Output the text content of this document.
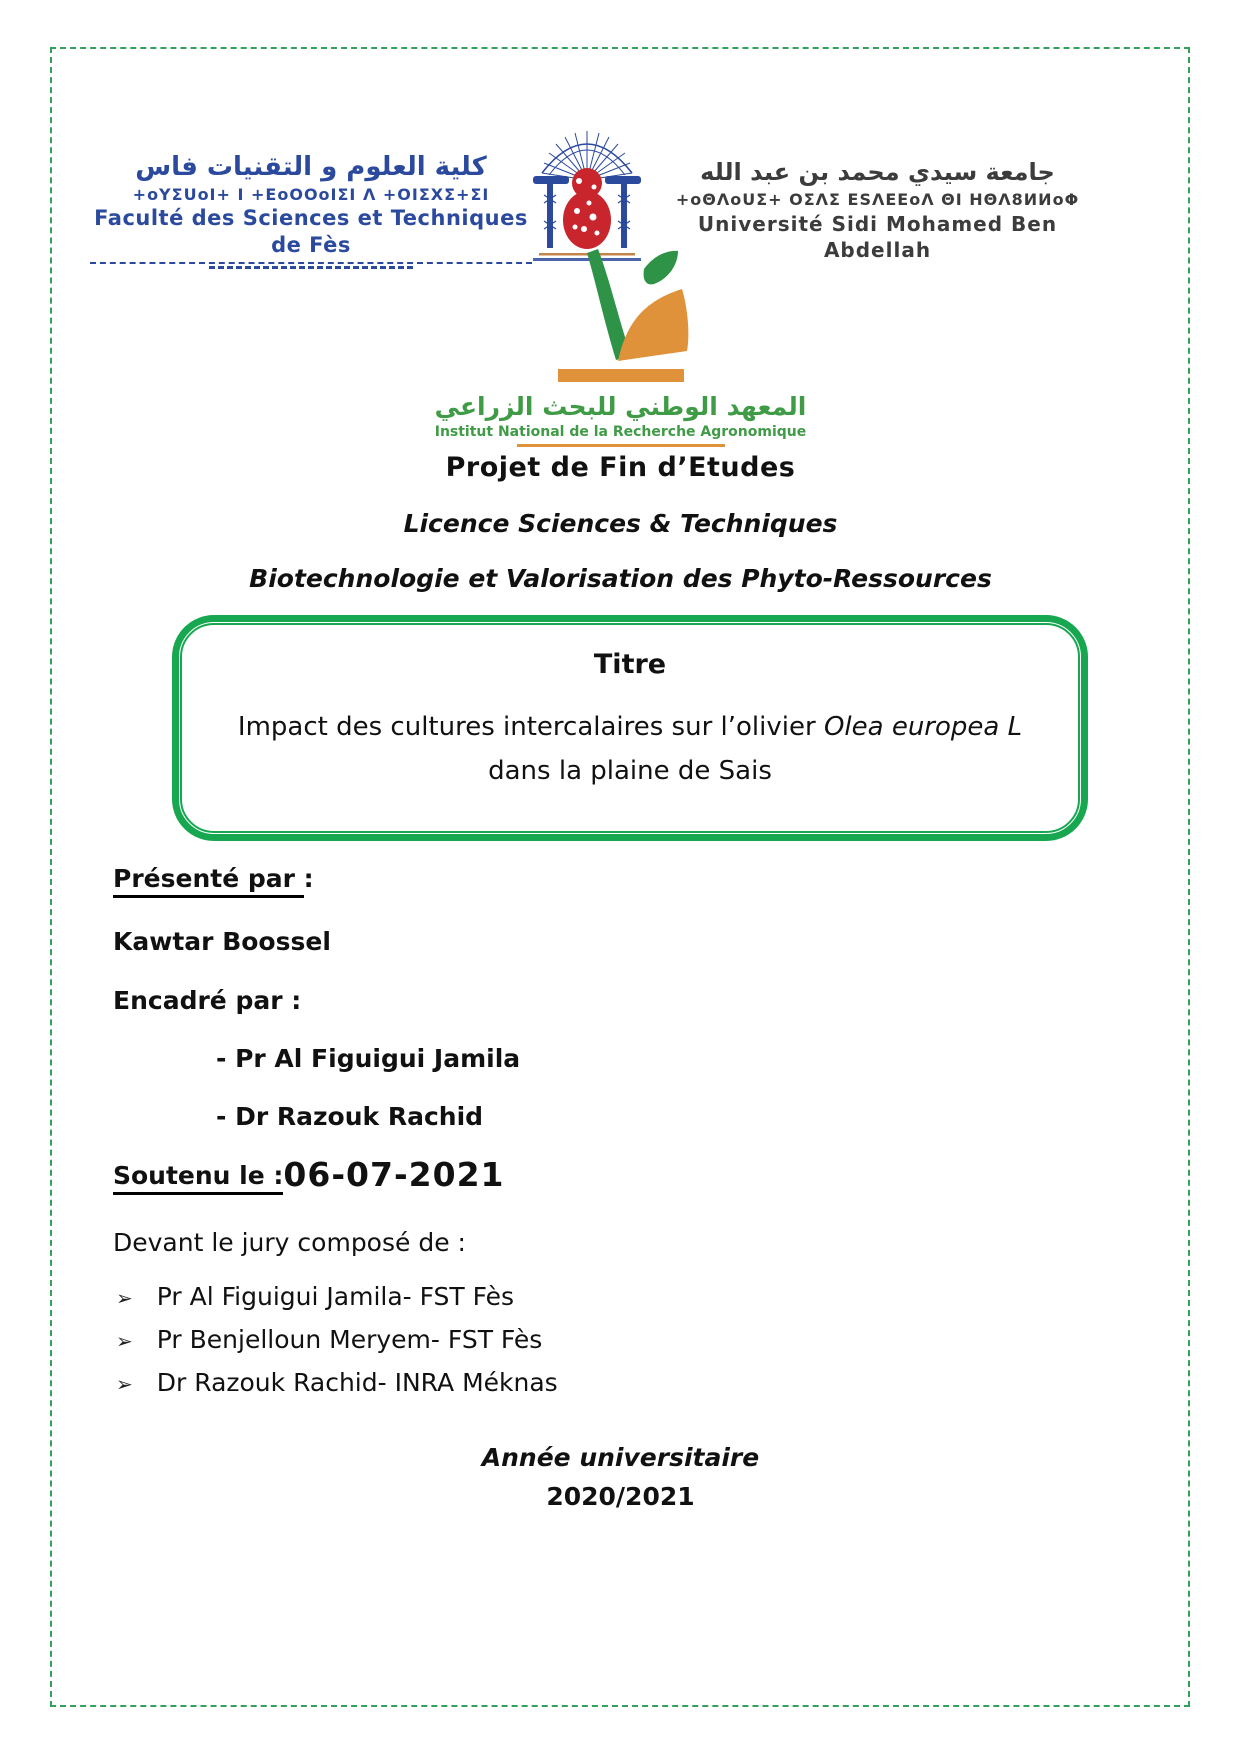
كلية العلوم و التقنيات فاس
+oYΣUoI+ I +EoOOoIΣI Λ +OIΣXΣ+ΣI
Faculté des Sciences et Techniques de Fès
جامعة سيدي محمد بن عبد الله
+oΘΛoUΣ+ OΣΛΣ ESΛEEoΛ ΘI HΘΛ8ИИoΦ
Université Sidi Mohamed Ben Abdellah
المعهد الوطني للبحث الزراعي
Institut National de la Recherche Agronomique
Projet de Fin d’Etudes
Licence Sciences & Techniques
Biotechnologie et Valorisation des Phyto-Ressources
Titre
Impact des cultures intercalaires sur l’olivier Olea europea L
dans la plaine de Sais
Présenté par :
Kawtar Boossel
Encadré par :
- Pr Al Figuigui Jamila
- Dr Razouk Rachid
Soutenu le :06-07-2021
Devant le jury composé de :
➢ Pr Al Figuigui Jamila- FST Fès
➢ Pr Benjelloun Meryem- FST Fès
➢ Dr Razouk Rachid- INRA Méknas
Année universitaire
2020/2021
